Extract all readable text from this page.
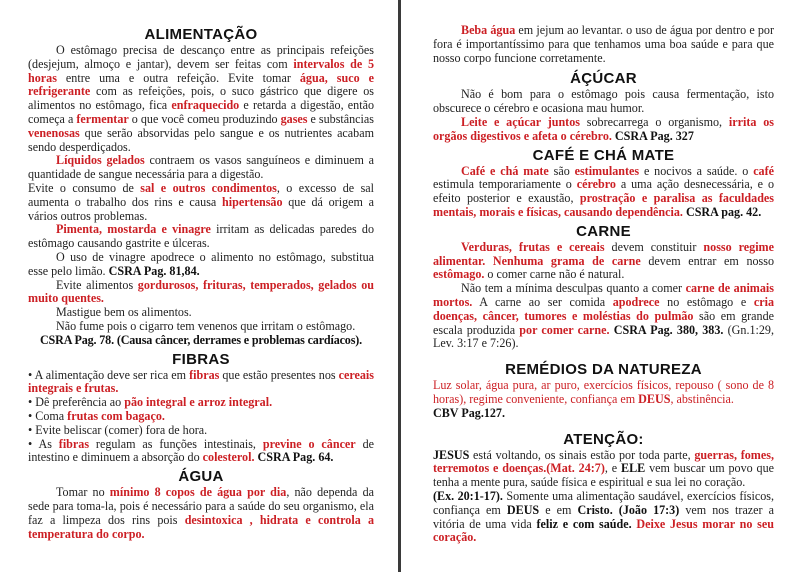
ALIMENTAÇÃO

O estômago precisa de descanço entre as principais refeições (desjejum, almoço e jantar), devem ser feitas com intervalos de 5 horas entre uma e outra refeição. Evite tomar água, suco e refrigerante com as refeições, pois, o suco gástrico que digere os alimentos no estômago, fica enfraquecido e retarda a digestão, então começa a fermentar o que você comeu produzindo gases e substâncias venenosas que serão absorvidas pelo sangue e os nutrientes acabam sendo desperdiçados.

Líquidos gelados contraem os vasos sanguíneos e diminuem a quantidade de sangue necessária para a digestão.

Evite o consumo de sal e outros condimentos, o excesso de sal aumenta o trabalho dos rins e causa hipertensão que dá origem a vários outros problemas.

Pimenta, mostarda e vinagre irritam as delicadas paredes do estômago causando gastrite e úlceras.

O uso de vinagre apodrece o alimento no estômago, substitua esse pelo limão. CSRA Pag. 81,84.

Evite alimentos gordurosos, frituras, temperados, gelados ou muito quentes.

Mastigue bem os alimentos.

Não fume pois o cigarro tem venenos que irritam o estômago.

CSRA Pag. 78. (Causa câncer, derrames e problemas cardíacos).

FIBRAS

• A alimentação deve ser rica em fibras que estão presentes nos cereais integrais e frutas.

• Dê preferência ao pão integral e arroz integral.

• Coma frutas com bagaço.

• Evite beliscar (comer) fora de hora.

• As fibras regulam as funções intestinais, previne o câncer de intestino e diminuem a absorção do colesterol. CSRA Pag. 64.

ÁGUA

Tomar no mínimo 8 copos de água por dia, não dependa da sede para toma-la, pois é necessário para a saúde do seu organismo, ela faz a limpeza dos rins pois desintoxica , hidrata e controla a temperatura do corpo.

Beba água em jejum ao levantar. o uso de água por dentro e por fora é importantíssimo para que tenhamos uma boa saúde e para que nosso corpo funcione corretamente.

ÁÇÚCAR

Não é bom para o estômago pois causa fermentação, isto obscurece o cérebro e ocasiona mau humor.

Leite e açúcar juntos sobrecarrega o organismo, irrita os orgãos digestivos e afeta o cérebro. CSRA Pag. 327

CAFÉ E CHÁ MATE

Café e chá mate são estimulantes e nocivos a saúde. o café estimula temporariamente o cérebro a uma ação desnecessária, e o efeito posterior e exaustão, prostração e paralisa as faculdades mentais, morais e físicas, causando dependência. CSRA pag. 42.

CARNE

Verduras, frutas e cereais devem constituir nosso regime alimentar. Nenhuma grama de carne devem entrar em nosso estômago. o comer carne não é natural.

Não tem a mínima desculpas quanto a comer carne de animais mortos. A carne ao ser comida apodrece no estômago e cria doenças, câncer, tumores e moléstias do pulmão são em grande escala produzida por comer carne. CSRA Pag. 380, 383. (Gn.1:29, Lev. 3:17 e 7:26).

REMÉDIOS DA NATUREZA

Luz solar, água pura, ar puro, exercícios físicos, repouso ( sono de 8 horas), regime conveniente, confiança em DEUS, abstinência.

CBV Pag.127.

ATENÇÃO:

JESUS está voltando, os sinais estão por toda parte, guerras, fomes, terremotos e doenças.(Mat. 24:7), e ELE vem buscar um povo que tenha a mente pura, saúde física e espiritual e sua lei no coração.

(Ex. 20:1-17). Somente uma alimentação saudável, exercícios físicos, confiança em DEUS e em Cristo. (João 17:3) vem nos trazer a vitória de uma vida feliz e com saúde. Deixe Jesus morar no seu coração.
